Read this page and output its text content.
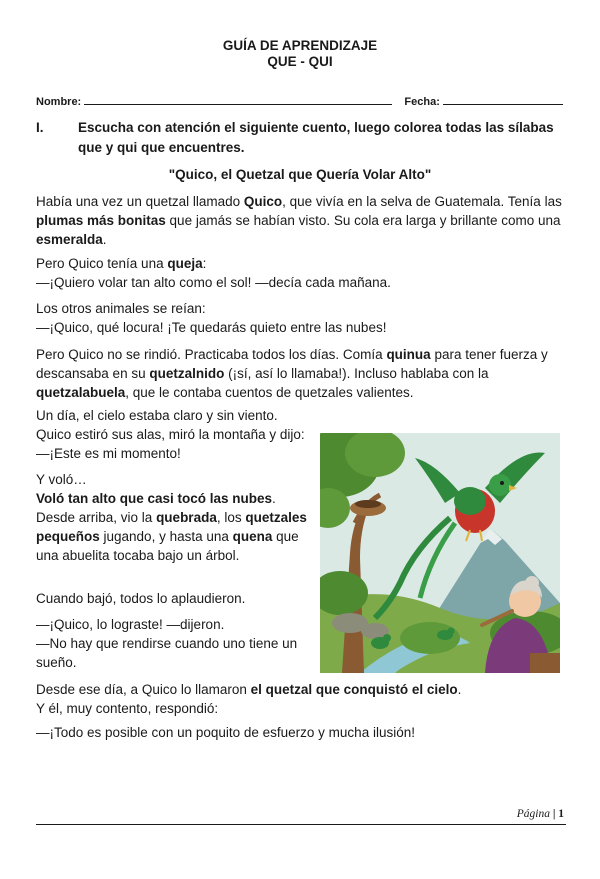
GUÍA DE APRENDIZAJE
QUE - QUI
Nombre:	Fecha:
I.	Escucha con atención el siguiente cuento, luego colorea todas las sílabas que y qui que encuentres.
"Quico, el Quetzal que Quería Volar Alto"
Había una vez un quetzal llamado Quico, que vivía en la selva de Guatemala. Tenía las plumas más bonitas que jamás se habían visto. Su cola era larga y brillante como una esmeralda.
Pero Quico tenía una queja:
—¡Quiero volar tan alto como el sol! —decía cada mañana.
Los otros animales se reían:
—¡Quico, qué locura! ¡Te quedarás quieto entre las nubes!
Pero Quico no se rindió. Practicaba todos los días. Comía quinua para tener fuerza y descansaba en su quetzalnido (¡sí, así lo llamaba!). Incluso hablaba con la quetzalabuela, que le contaba cuentos de quetzales valientes.
Un día, el cielo estaba claro y sin viento.
Quico estiró sus alas, miró la montaña y dijo:
—¡Este es mi momento!
Y voló…
Voló tan alto que casi tocó las nubes.
Desde arriba, vio la quebrada, los quetzales pequeños jugando, y hasta una quena que una abuelita tocaba bajo un árbol.
Cuando bajó, todos lo aplaudieron.
—¡Quico, lo lograste! —dijeron.
—No hay que rendirse cuando uno tiene un sueño.
Desde ese día, a Quico lo llamaron el quetzal que conquistó el cielo.
Y él, muy contento, respondió:
—¡Todo es posible con un poquito de esfuerzo y mucha ilusión!
Página | 1
